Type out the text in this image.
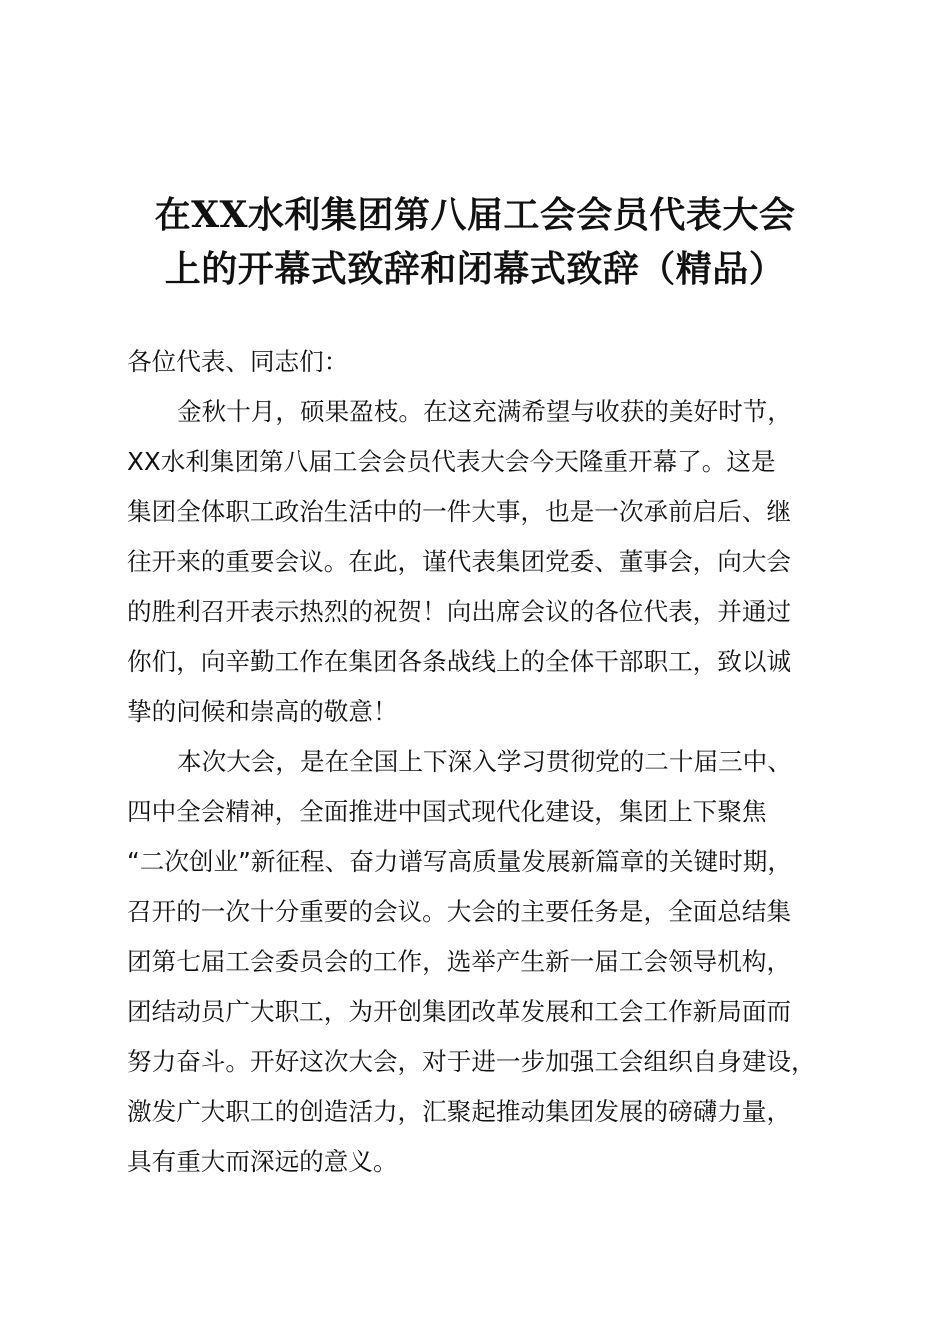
在XX水利集团第八届工会会员代表大会
上的开幕式致辞和闭幕式致辞（精品）

各位代表、同志们：

金秋十月，硕果盈枝。在这充满希望与收获的美好时节，

XX水利集团第八届工会会员代表大会今天隆重开幕了。这是

集团全体职工政治生活中的一件大事，也是一次承前启后、继

往开来的重要会议。在此，谨代表集团党委、董事会，向大会

的胜利召开表示热烈的祝贺！向出席会议的各位代表，并通过

你们，向辛勤工作在集团各条战线上的全体干部职工，致以诚

挚的问候和崇高的敬意！

本次大会，是在全国上下深入学习贯彻党的二十届三中、

四中全会精神，全面推进中国式现代化建设，集团上下聚焦

“二次创业”新征程、奋力谱写高质量发展新篇章的关键时期，

召开的一次十分重要的会议。大会的主要任务是，全面总结集

团第七届工会委员会的工作，选举产生新一届工会领导机构，

团结动员广大职工，为开创集团改革发展和工会工作新局面而

努力奋斗。开好这次大会，对于进一步加强工会组织自身建设，

激发广大职工的创造活力，汇聚起推动集团发展的磅礴力量，

具有重大而深远的意义。
